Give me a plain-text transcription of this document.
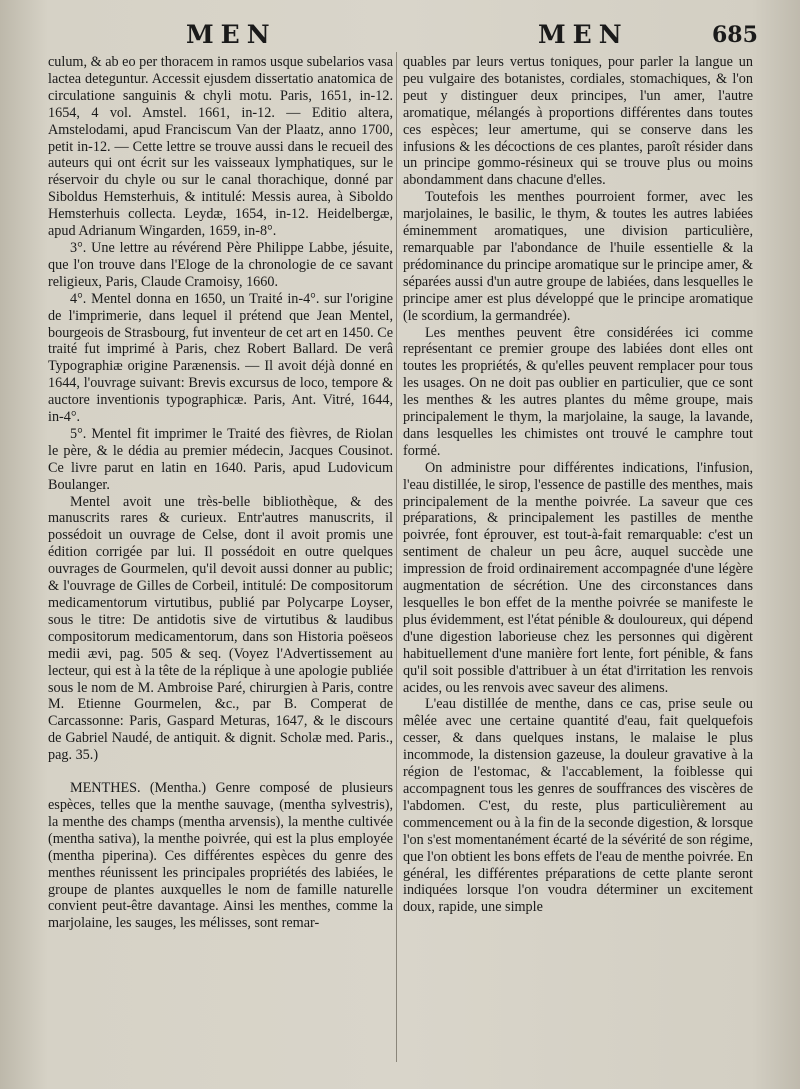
MEN	MEN	685

culum, & ab eo per thoracem in ramos usque subelarios vasa lactea deteguntur. Accessit ejusdem dissertatio anatomica de circulatione sanguinis & chyli motu. Paris, 1651, in-12. 1654, 4 vol. Amstel. 1661, in-12. — Editio altera, Amstelodami, apud Franciscum Van der Plaatz, anno 1700, petit in-12. — Cette lettre se trouve aussi dans le recueil des auteurs qui ont écrit sur les vaisseaux lymphatiques, sur le réservoir du chyle ou sur le canal thorachique, donné par Siboldus Hemsterhuis, & intitulé: Messis aurea, à Siboldo Hemsterhuis collecta. Leydæ, 1654, in-12. Heidelbergæ, apud Adrianum Wingarden, 1659, in-8°.

3°. Une lettre au révérend Père Philippe Labbe, jésuite, que l'on trouve dans l'Eloge de la chronologie de ce savant religieux, Paris, Claude Cramoisy, 1660.

4°. Mentel donna en 1650, un Traité in-4°. sur l'origine de l'imprimerie, dans lequel il prétend que Jean Mentel, bourgeois de Strasbourg, fut inventeur de cet art en 1450. Ce traité fut imprimé à Paris, chez Robert Ballard. De verâ Typographiæ origine Parænensis. — Il avoit déjà donné en 1644, l'ouvrage suivant: Brevis excursus de loco, tempore & auctore inventionis typographicæ. Paris, Ant. Vitré, 1644, in-4°.

5°. Mentel fit imprimer le Traité des fièvres, de Riolan le père, & le dédia au premier médecin, Jacques Cousinot. Ce livre parut en latin en 1640. Paris, apud Ludovicum Boulanger.

Mentel avoit une très-belle bibliothèque, & des manuscrits rares & curieux. Entr'autres manuscrits, il possédoit un ouvrage de Celse, dont il avoit promis une édition corrigée par lui. Il possédoit en outre quelques ouvrages de Gourmelen, qu'il devoit aussi donner au public; & l'ouvrage de Gilles de Corbeil, intitulé: De compositorum medicamentorum virtutibus, publié par Polycarpe Loyser, sous le titre: De antidotis sive de virtutibus & laudibus compositorum medicamentorum, dans son Historia poëseos medii ævi, pag. 505 & seq. (Voyez l'Advertissement au lecteur, qui est à la tête de la réplique à une apologie publiée sous le nom de M. Ambroise Paré, chirurgien à Paris, contre M. Etienne Gourmelen, &c., par B. Comperat de Carcassonne: Paris, Gaspard Meturas, 1647, & le discours de Gabriel Naudé, de antiquit. & dignit. Scholæ med. Paris., pag. 35.)

MENTHES. (Mentha.) Genre composé de plusieurs espèces, telles que la menthe sauvage, (mentha sylvestris), la menthe des champs (mentha arvensis), la menthe cultivée (mentha sativa), la menthe poivrée, qui est la plus employée (mentha piperina). Ces différentes espèces du genre des menthes réunissent les principales propriétés des labiées, le groupe de plantes auxquelles le nom de famille naturelle convient peut-être davantage. Ainsi les menthes, comme la marjolaine, les sauges, les mélisses, sont remar-

quables par leurs vertus toniques, pour parler la langue un peu vulgaire des botanistes, cordiales, stomachiques, & l'on peut y distinguer deux principes, l'un amer, l'autre aromatique, mélangés à proportions différentes dans toutes ces espèces; leur amertume, qui se conserve dans les infusions & les décoctions de ces plantes, paroît résider dans un principe gommo-résineux qui se trouve plus ou moins abondamment dans chacune d'elles.

Toutefois les menthes pourroient former, avec les marjolaines, le basilic, le thym, & toutes les autres labiées éminemment aromatiques, une division particulière, remarquable par l'abondance de l'huile essentielle & la prédominance du principe aromatique sur le principe amer, & séparées aussi d'un autre groupe de labiées, dans lesquelles le principe amer est plus développé que le principe aromatique (le scordium, la germandrée).

Les menthes peuvent être considérées ici comme représentant ce premier groupe des labiées dont elles ont toutes les propriétés, & qu'elles peuvent remplacer pour tous les usages. On ne doit pas oublier en particulier, que ce sont les menthes & les autres plantes du même groupe, mais principalement le thym, la marjolaine, la sauge, la lavande, dans lesquelles les chimistes ont trouvé le camphre tout formé.

On administre pour différentes indications, l'infusion, l'eau distillée, le sirop, l'essence de pastille des menthes, mais principalement de la menthe poivrée. La saveur que ces préparations, & principalement les pastilles de menthe poivrée, font éprouver, est tout-à-fait remarquable: c'est un sentiment de chaleur un peu âcre, auquel succède une impression de froid ordinairement accompagnée d'une légère augmentation de sécrétion. Une des circonstances dans lesquelles le bon effet de la menthe poivrée se manifeste le plus évidemment, est l'état pénible & douloureux, qui dépend d'une digestion laborieuse chez les personnes qui digèrent habituellement d'une manière fort lente, fort pénible, & fans qu'il soit possible d'attribuer à un état d'irritation les renvois acides, ou les renvois avec saveur des alimens.

L'eau distillée de menthe, dans ce cas, prise seule ou mêlée avec une certaine quantité d'eau, fait quelquefois cesser, & dans quelques instans, le malaise le plus incommode, la distension gazeuse, la douleur gravative à la région de l'estomac, & l'accablement, la foiblesse qui accompagnent tous les genres de souffrances des viscères de l'abdomen. C'est, du reste, plus particulièrement au commencement ou à la fin de la seconde digestion, & lorsque l'on s'est momentanément écarté de la sévérité de son régime, que l'on obtient les bons effets de l'eau de menthe poivrée. En général, les différentes préparations de cette plante seront indiquées lorsque l'on voudra déterminer un excitement doux, rapide, une simple
